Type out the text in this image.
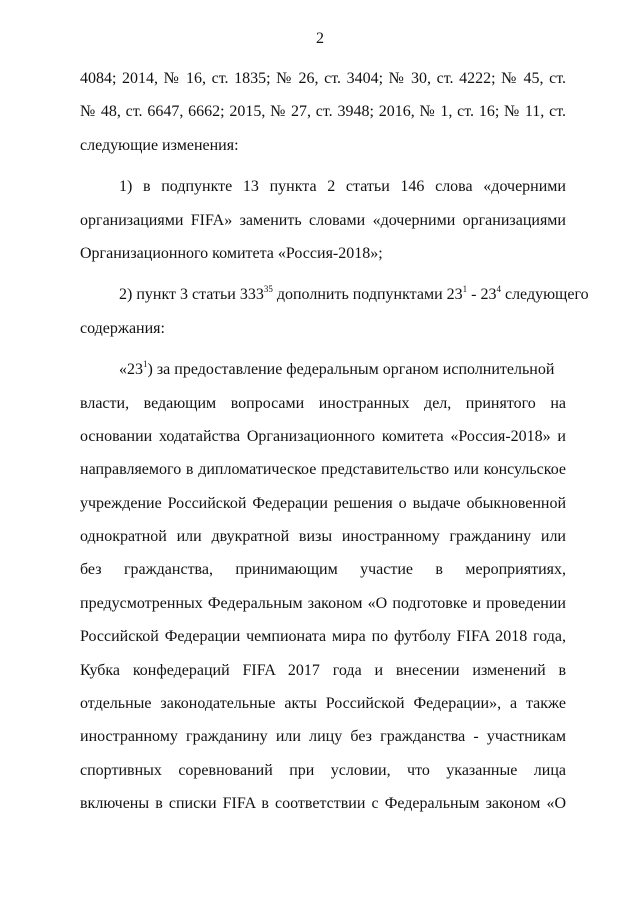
2
4084; 2014, № 16, ст. 1835; № 26, ст. 3404; № 30, ст. 4222; № 45, ст.
№ 48, ст. 6647, 6662; 2015, № 27, ст. 3948; 2016, № 1, ст. 16; № 11, ст.
следующие изменения:
1) в подпункте 13 пункта 2 статьи 146 слова «дочерними
организациями FIFA» заменить словами «дочерними организациями
Организационного комитета «Россия-2018»;
2) пункт 3 статьи $333^{35}$ дополнить подпунктами $23^1 - 23^4$ следующего
содержания:
«$23^1$) за предоставление федеральным органом исполнительной
власти, ведающим вопросами иностранных дел, принятого на
основании ходатайства Организационного комитета «Россия-2018» и
направляемого в дипломатическое представительство или консульское
учреждение Российской Федерации решения о выдаче обыкновенной
однократной или двукратной визы иностранному гражданину или
без гражданства, принимающим участие в мероприятиях,
предусмотренных Федеральным законом «О подготовке и проведении
Российской Федерации чемпионата мира по футболу FIFA 2018 года,
Кубка конфедераций FIFA 2017 года и внесении изменений в
отдельные законодательные акты Российской Федерации», а также
иностранному гражданину или лицу без гражданства - участникам
спортивных соревнований при условии, что указанные лица
включены в списки FIFA в соответствии с Федеральным законом «О
